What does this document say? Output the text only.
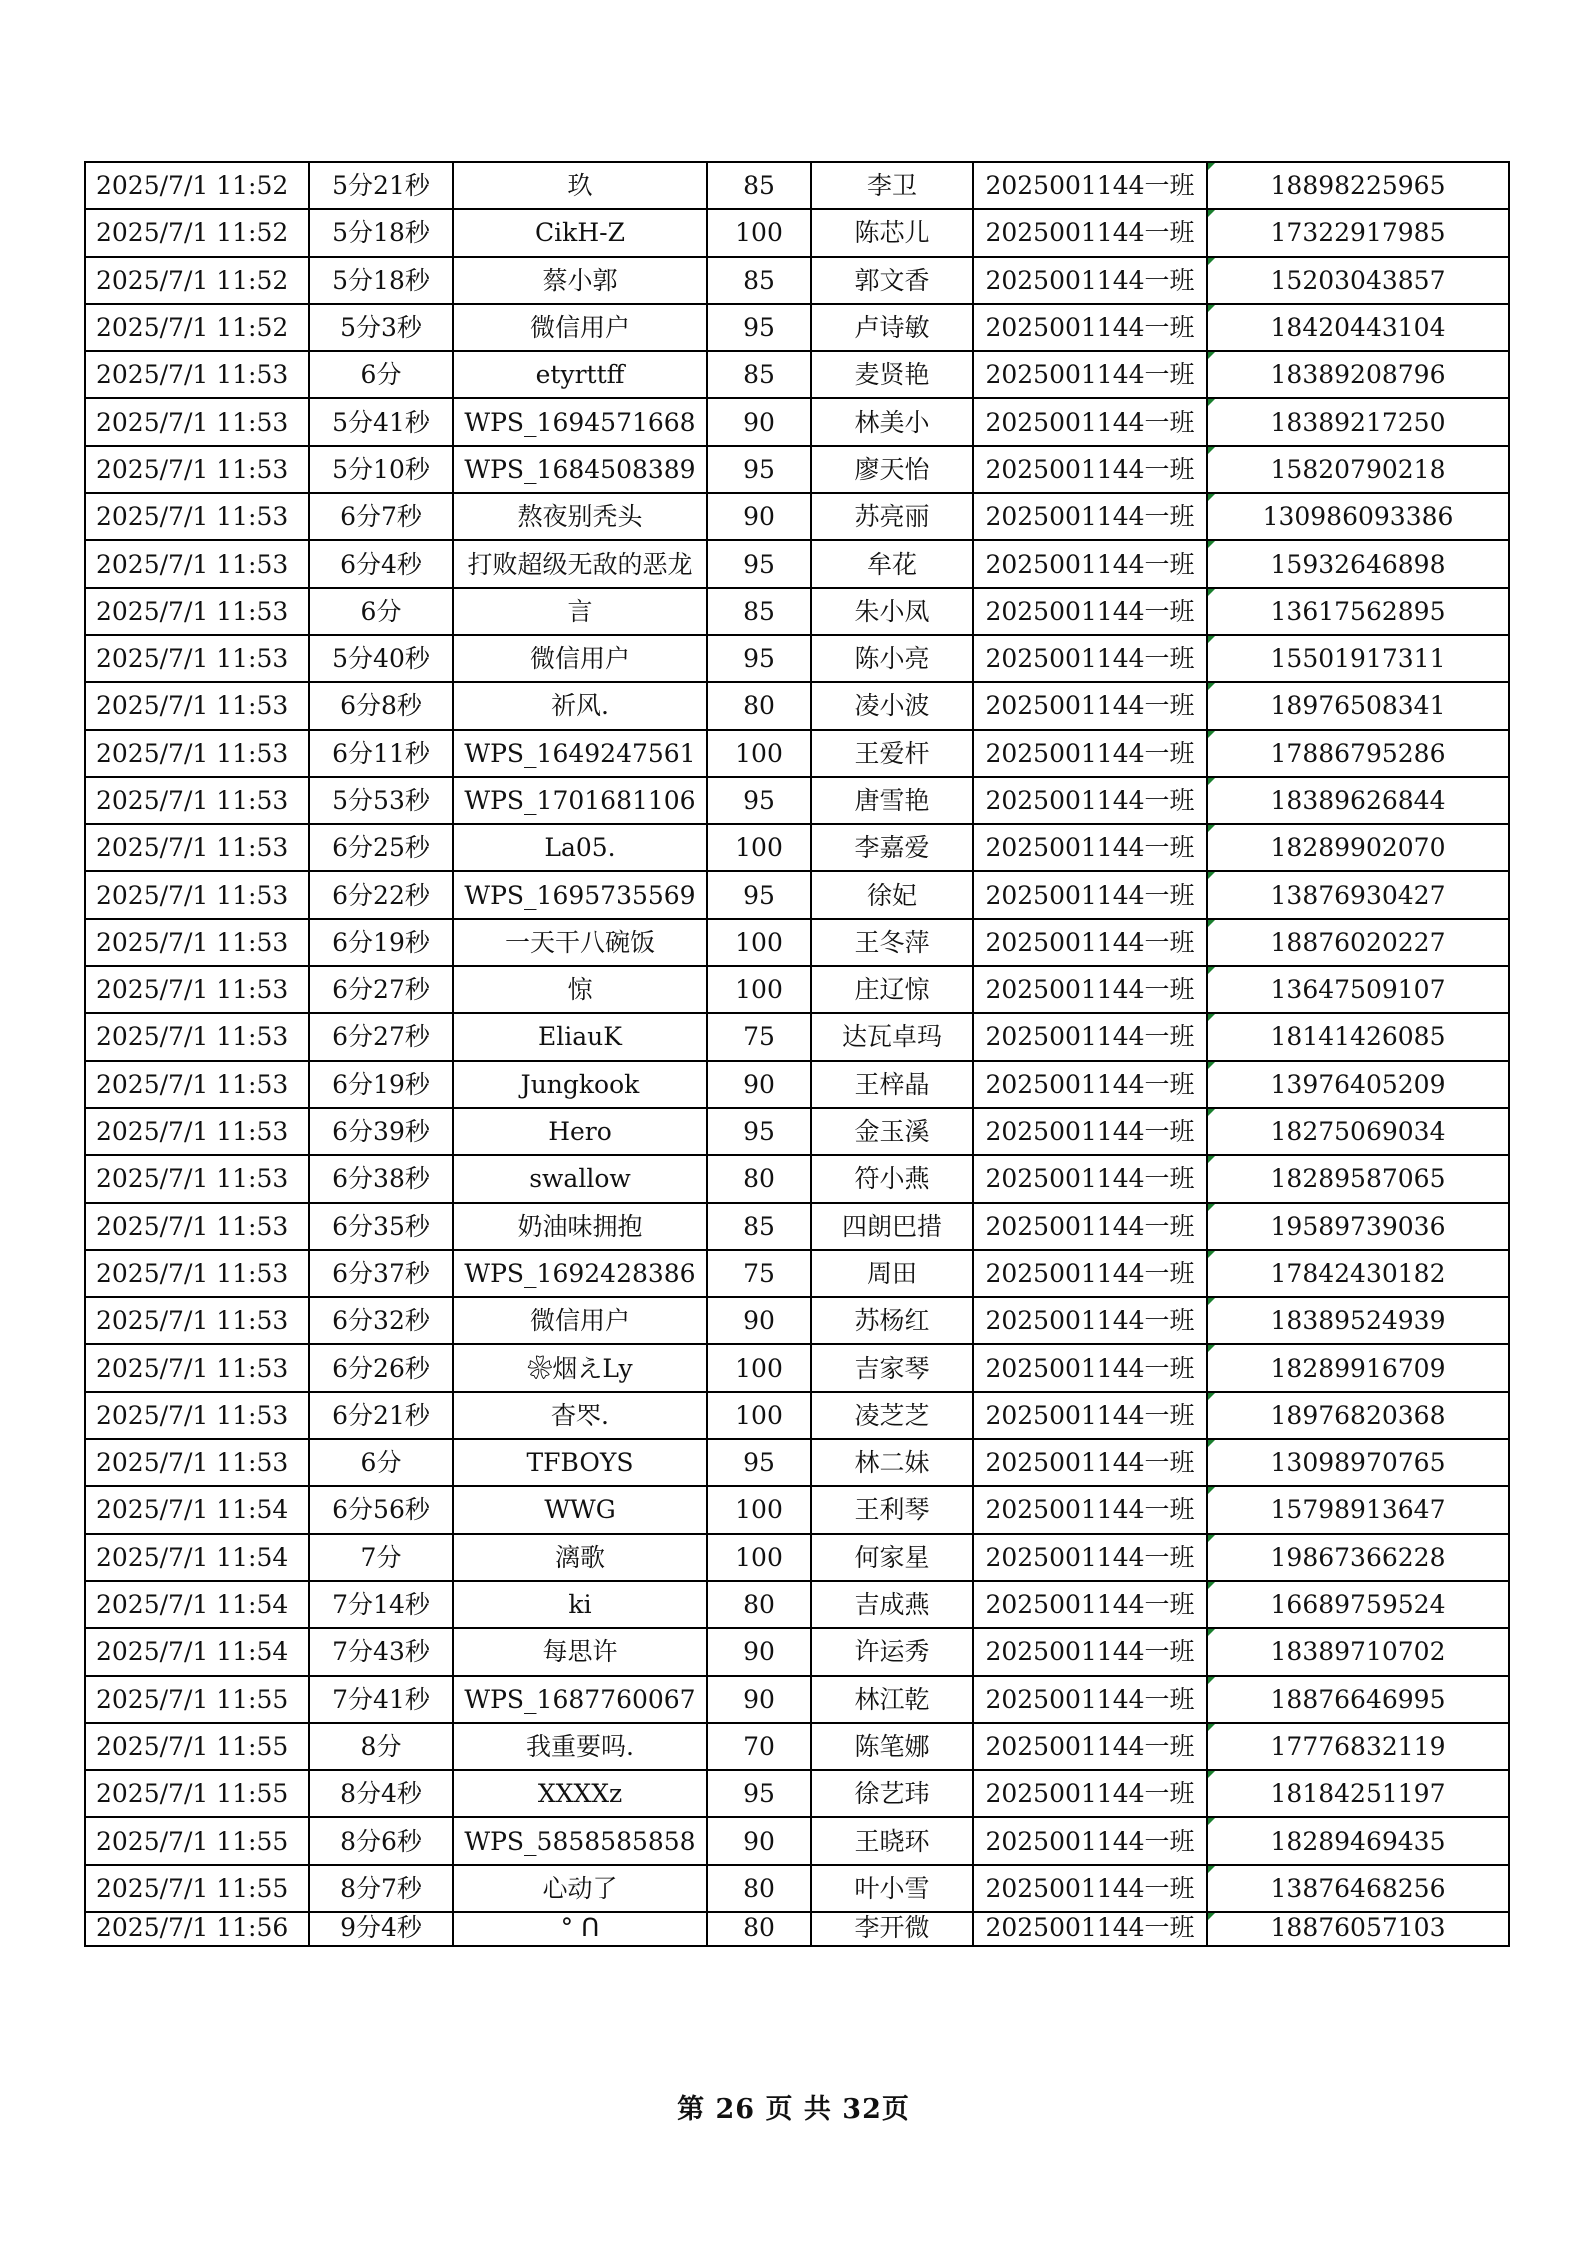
2025/7/1 11:52	5分21秒	玖	85	李卫	2025001144一班	18898225965
2025/7/1 11:52	5分18秒	CikH-Z	100	陈芯儿	2025001144一班	17322917985
2025/7/1 11:52	5分18秒	蔡小郭	85	郭文香	2025001144一班	15203043857
2025/7/1 11:52	5分3秒	微信用户	95	卢诗敏	2025001144一班	18420443104
2025/7/1 11:53	6分	etyrttff	85	麦贤艳	2025001144一班	18389208796
2025/7/1 11:53	5分41秒	WPS_1694571668	90	林美小	2025001144一班	18389217250
2025/7/1 11:53	5分10秒	WPS_1684508389	95	廖天怡	2025001144一班	15820790218
2025/7/1 11:53	6分7秒	熬夜别秃头	90	苏亮丽	2025001144一班	130986093386
2025/7/1 11:53	6分4秒	打败超级无敌的恶龙	95	牟花	2025001144一班	15932646898
2025/7/1 11:53	6分	言	85	朱小凤	2025001144一班	13617562895
2025/7/1 11:53	5分40秒	微信用户	95	陈小亮	2025001144一班	15501917311
2025/7/1 11:53	6分8秒	祈风.	80	凌小波	2025001144一班	18976508341
2025/7/1 11:53	6分11秒	WPS_1649247561	100	王爱杆	2025001144一班	17886795286
2025/7/1 11:53	5分53秒	WPS_1701681106	95	唐雪艳	2025001144一班	18389626844
2025/7/1 11:53	6分25秒	La05.	100	李嘉爱	2025001144一班	18289902070
2025/7/1 11:53	6分22秒	WPS_1695735569	95	徐妃	2025001144一班	13876930427
2025/7/1 11:53	6分19秒	一天干八碗饭	100	王冬萍	2025001144一班	18876020227
2025/7/1 11:53	6分27秒	惊	100	庄辽惊	2025001144一班	13647509107
2025/7/1 11:53	6分27秒	EliauK	75	达瓦卓玛	2025001144一班	18141426085
2025/7/1 11:53	6分19秒	Jungkook	90	王梓晶	2025001144一班	13976405209
2025/7/1 11:53	6分39秒	Hero	95	金玉溪	2025001144一班	18275069034
2025/7/1 11:53	6分38秒	swallow	80	符小燕	2025001144一班	18289587065
2025/7/1 11:53	6分35秒	奶油味拥抱	85	四朗巴措	2025001144一班	19589739036
2025/7/1 11:53	6分37秒	WPS_1692428386	75	周田	2025001144一班	17842430182
2025/7/1 11:53	6分32秒	微信用户	90	苏杨红	2025001144一班	18389524939
2025/7/1 11:53	6分26秒	❀烟えLy	100	吉家琴	2025001144一班	18289916709
2025/7/1 11:53	6分21秒	杳罖.	100	凌芝芝	2025001144一班	18976820368
2025/7/1 11:53	6分	TFBOYS	95	林二妹	2025001144一班	13098970765
2025/7/1 11:54	6分56秒	WWG	100	王利琴	2025001144一班	15798913647
2025/7/1 11:54	7分	漓歌	100	何家星	2025001144一班	19867366228
2025/7/1 11:54	7分14秒	ki	80	吉成燕	2025001144一班	16689759524
2025/7/1 11:54	7分43秒	每思许	90	许运秀	2025001144一班	18389710702
2025/7/1 11:55	7分41秒	WPS_1687760067	90	林江乾	2025001144一班	18876646995
2025/7/1 11:55	8分	我重要吗.	70	陈笔娜	2025001144一班	17776832119
2025/7/1 11:55	8分4秒	XXXXz	95	徐艺玮	2025001144一班	18184251197
2025/7/1 11:55	8分6秒	WPS_5858585858	90	王晓环	2025001144一班	18289469435
2025/7/1 11:55	8分7秒	心动了	80	叶小雪	2025001144一班	13876468256
2025/7/1 11:56	9分4秒	° ᑎ	80	李开微	2025001144一班	18876057103
第 26 页 共 32页
